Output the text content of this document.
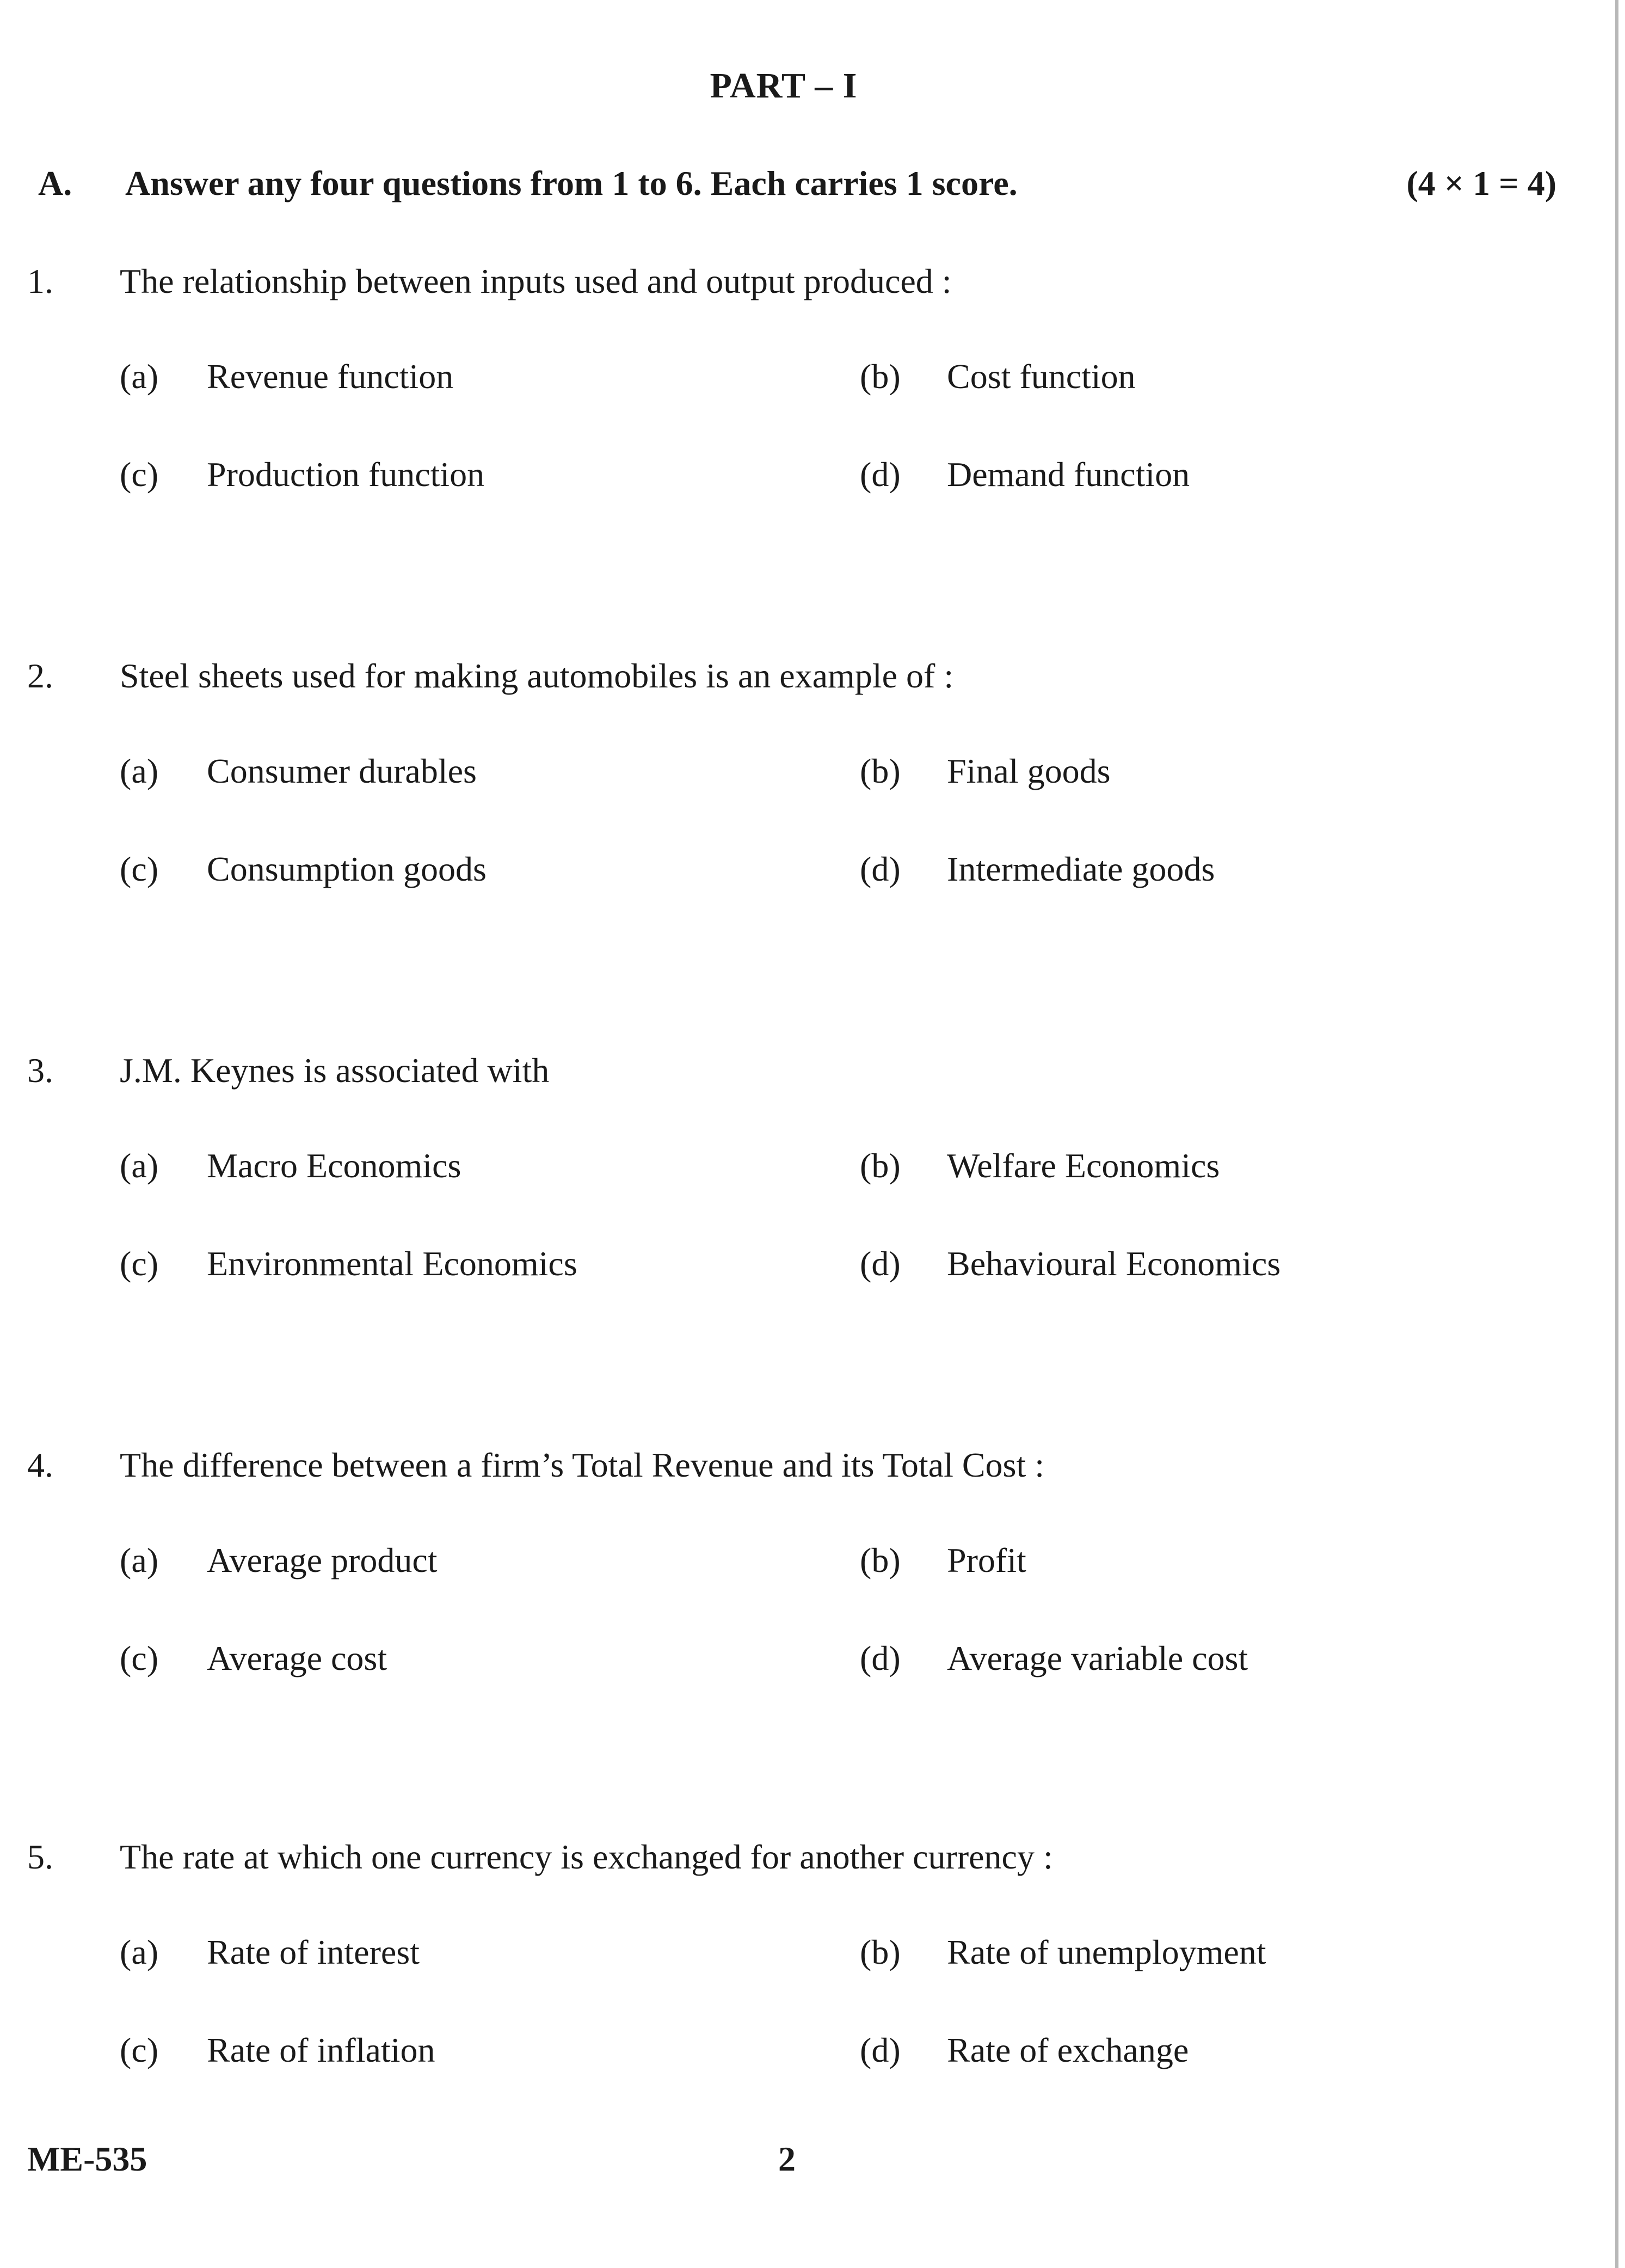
PART – I
A. Answer any four questions from 1 to 6. Each carries 1 score.	(4 × 1 = 4)
1. The relationship between inputs used and output produced :
(a) Revenue function	(b) Cost function
(c) Production function	(d) Demand function
2. Steel sheets used for making automobiles is an example of :
(a) Consumer durables	(b) Final goods
(c) Consumption goods	(d) Intermediate goods
3. J.M. Keynes is associated with
(a) Macro Economics	(b) Welfare Economics
(c) Environmental Economics	(d) Behavioural Economics
4. The difference between a firm’s Total Revenue and its Total Cost :
(a) Average product	(b) Profit
(c) Average cost	(d) Average variable cost
5. The rate at which one currency is exchanged for another currency :
(a) Rate of interest	(b) Rate of unemployment
(c) Rate of inflation	(d) Rate of exchange
ME-535	2
